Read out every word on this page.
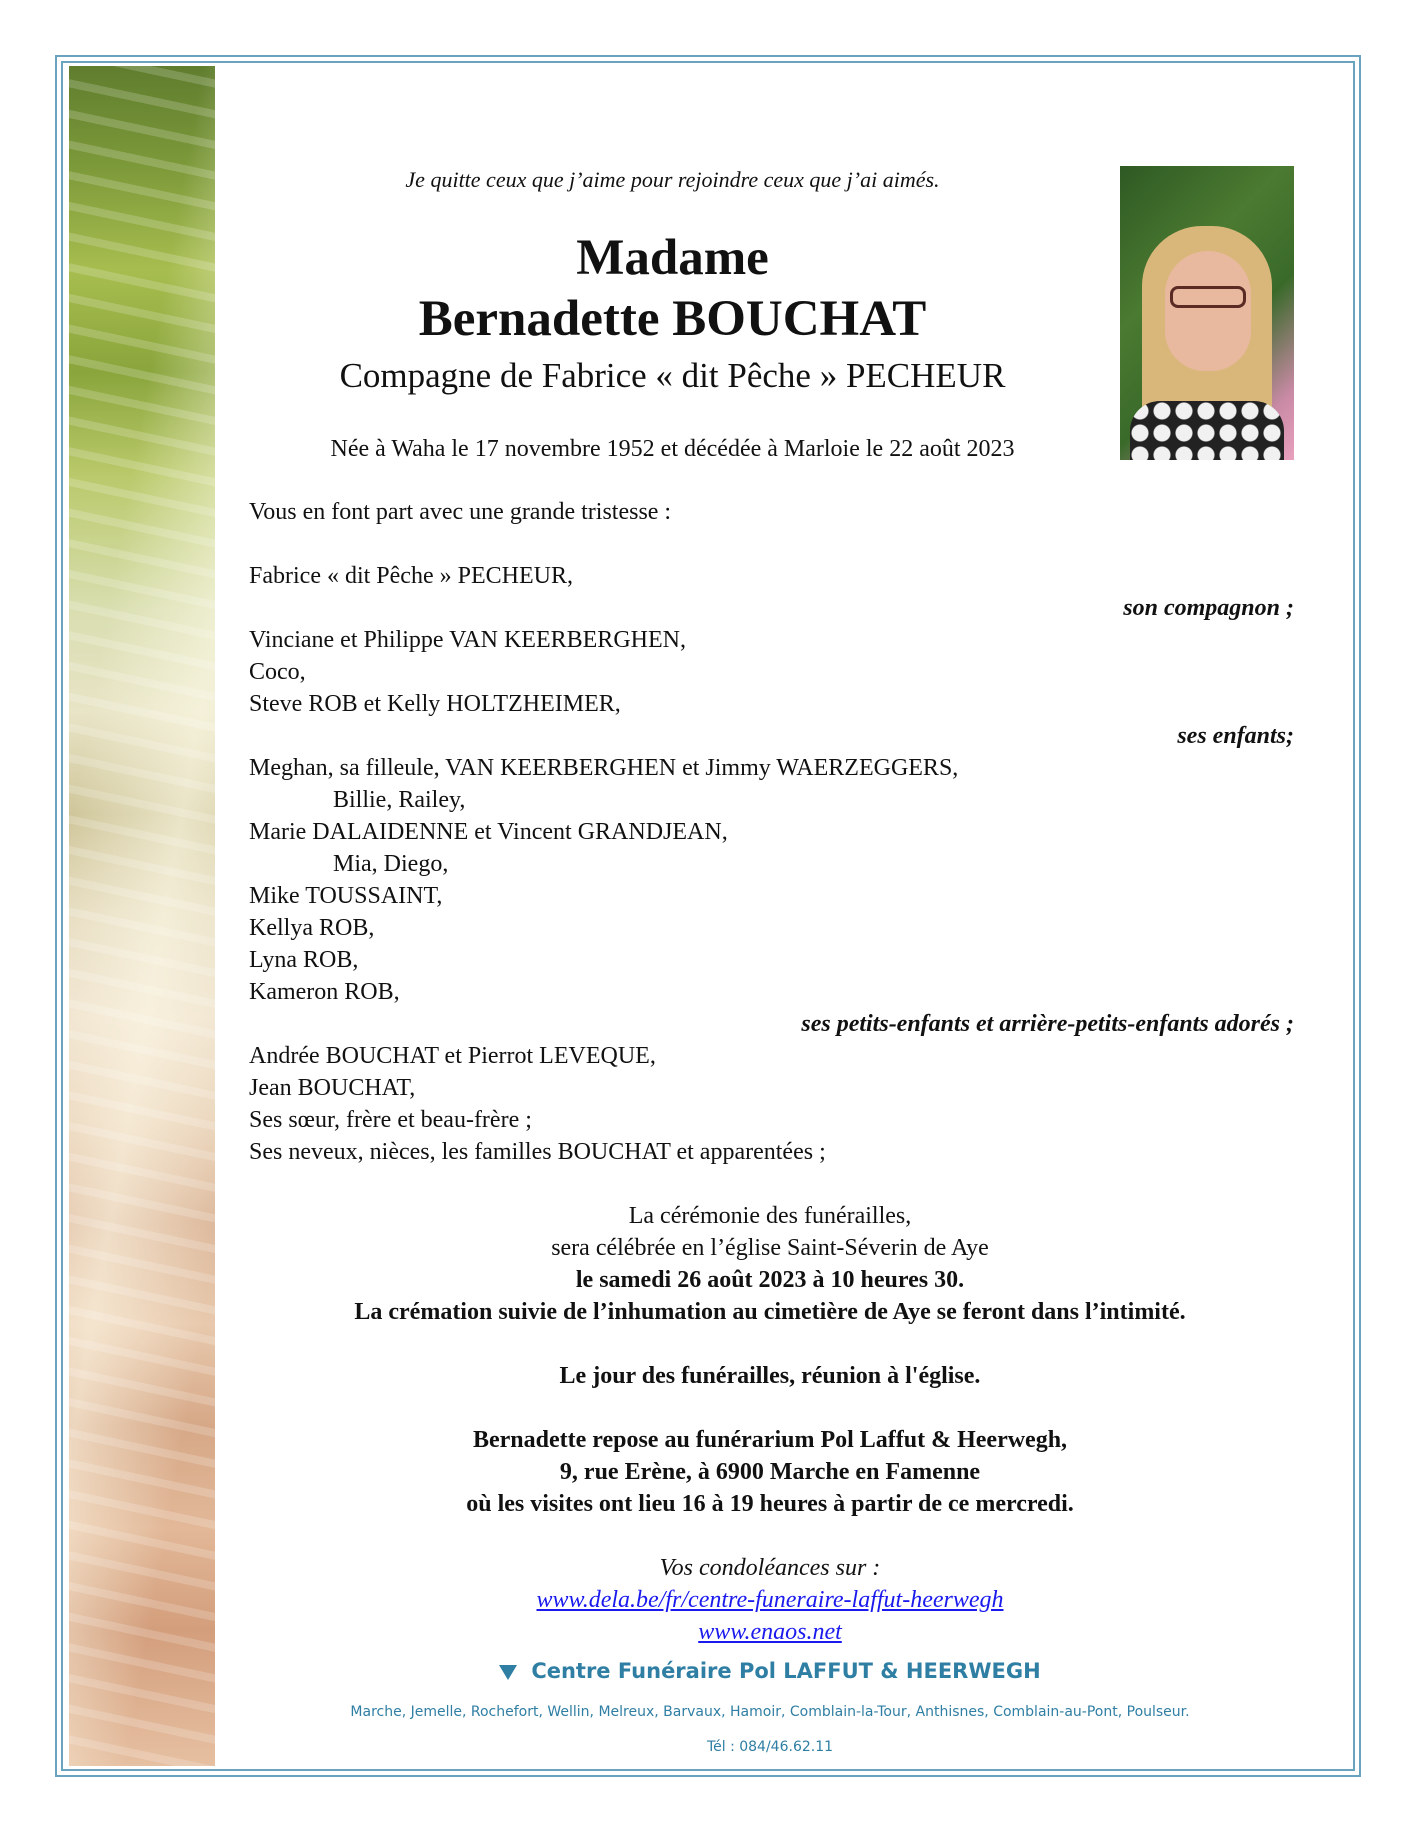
Je quitte ceux que j’aime pour rejoindre ceux que j’ai aimés.

Madame

Bernadette BOUCHAT

Compagne de Fabrice « dit Pêche » PECHEUR

Née à Waha le 17 novembre 1952 et décédée à Marloie le 22 août 2023

Vous en font part avec une grande tristesse :

Fabrice « dit Pêche » PECHEUR,

son compagnon ;

Vinciane et Philippe VAN KEERBERGHEN,

Coco,

Steve ROB et Kelly HOLTZHEIMER,

ses enfants;

Meghan, sa filleule, VAN KEERBERGHEN et Jimmy WAERZEGGERS,

Billie, Railey,

Marie DALAIDENNE et Vincent GRANDJEAN,

Mia, Diego,

Mike TOUSSAINT,

Kellya ROB,

Lyna ROB,

Kameron ROB,

ses petits-enfants et arrière-petits-enfants adorés ;

Andrée BOUCHAT et Pierrot LEVEQUE,

Jean BOUCHAT,

Ses sœur, frère et beau-frère ;

Ses neveux, nièces, les familles BOUCHAT et apparentées ;

La cérémonie des funérailles,

sera célébrée en l’église Saint-Séverin de Aye

le samedi 26 août 2023 à 10 heures 30.

La crémation suivie de l’inhumation au cimetière de Aye se feront dans l’intimité.

Le jour des funérailles, réunion à l'église.

Bernadette repose au funérarium Pol Laffut & Heerwegh,

9, rue Erène, à 6900 Marche en Famenne

où les visites ont lieu 16 à 19 heures à partir de ce mercredi.

Vos condoléances sur :

www.dela.be/fr/centre-funeraire-laffut-heerwegh

www.enaos.net

Centre Funéraire Pol LAFFUT & HEERWEGH

Marche, Jemelle, Rochefort, Wellin, Melreux, Barvaux, Hamoir, Comblain-la-Tour, Anthisnes, Comblain-au-Pont, Poulseur.

Tél : 084/46.62.11
